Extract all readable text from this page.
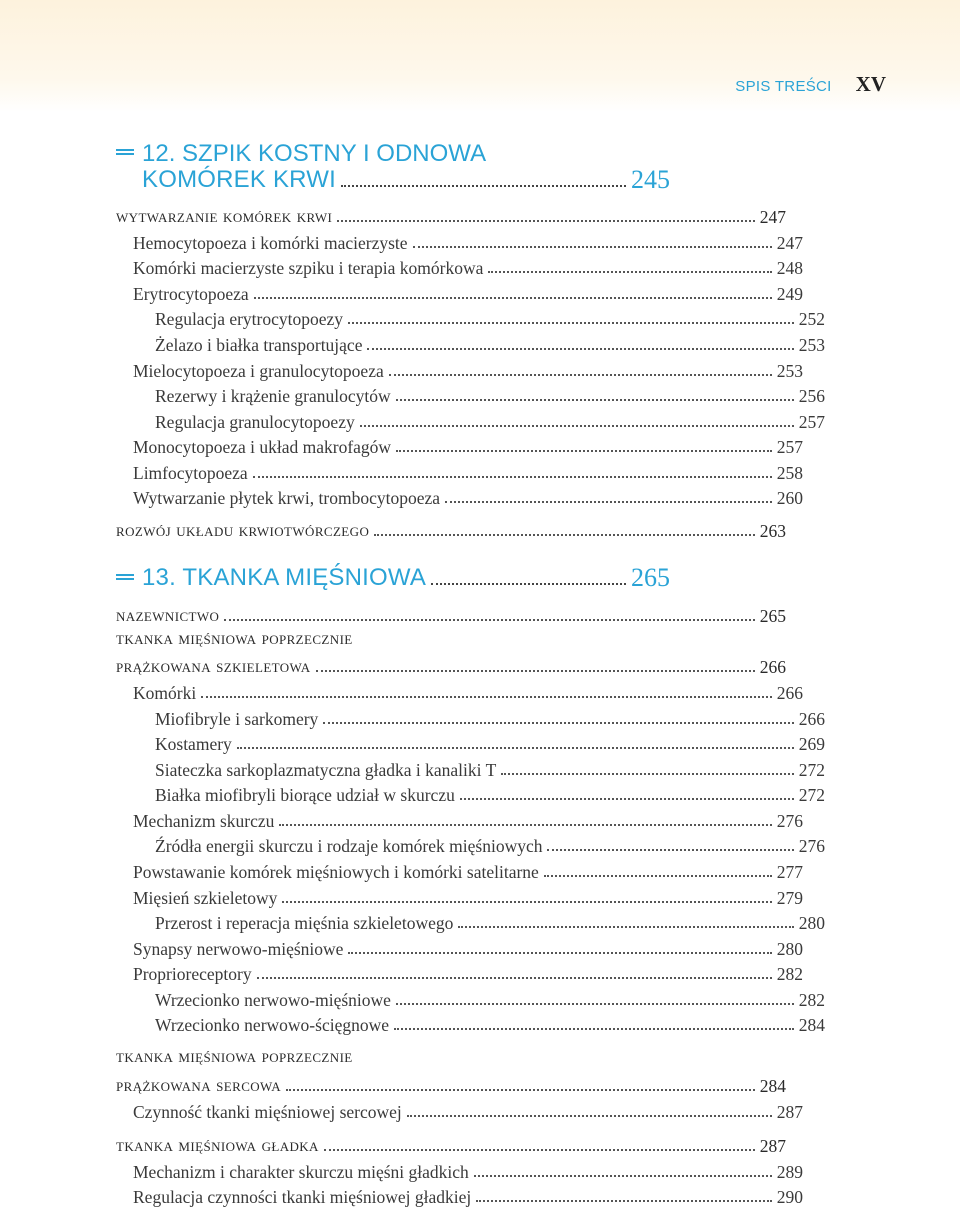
SPIS TREŚCI XV
12. SZPIK KOSTNY I ODNOWA
KOMÓREK KRWI	245
wytwarzanie komórek krwi	247
Hemocytopoeza i komórki macierzyste	247
Komórki macierzyste szpiku i terapia komórkowa	248
Erytrocytopoeza	249
Regulacja erytrocytopoezy	252
Żelazo i białka transportujące	253
Mielocytopoeza i granulocytopoeza	253
Rezerwy i krążenie granulocytów	256
Regulacja granulocytopoezy	257
Monocytopoeza i układ makrofagów	257
Limfocytopoeza	258
Wytwarzanie płytek krwi, trombocytopoeza	260
rozwój układu krwiotwórczego	263
13. TKANKA MIĘŚNIOWA	265
nazewnictwo	265
tkanka mięśniowa poprzecznie
prążkowana szkieletowa	266
Komórki	266
Miofibryle i sarkomery	266
Kostamery	269
Siateczka sarkoplazmatyczna gładka i kanaliki T	272
Białka miofibryli biorące udział w skurczu	272
Mechanizm skurczu	276
Źródła energii skurczu i rodzaje komórek mięśniowych	276
Powstawanie komórek mięśniowych i komórki satelitarne	277
Mięsień szkieletowy	279
Przerost i reperacja mięśnia szkieletowego	280
Synapsy nerwowo-mięśniowe	280
Proprioreceptory	282
Wrzecionko nerwowo-mięśniowe	282
Wrzecionko nerwowo-ścięgnowe	284
tkanka mięśniowa poprzecznie
prążkowana sercowa	284
Czynność tkanki mięśniowej sercowej	287
tkanka mięśniowa gładka	287
Mechanizm i charakter skurczu mięśni gładkich	289
Regulacja czynności tkanki mięśniowej gładkiej	290
